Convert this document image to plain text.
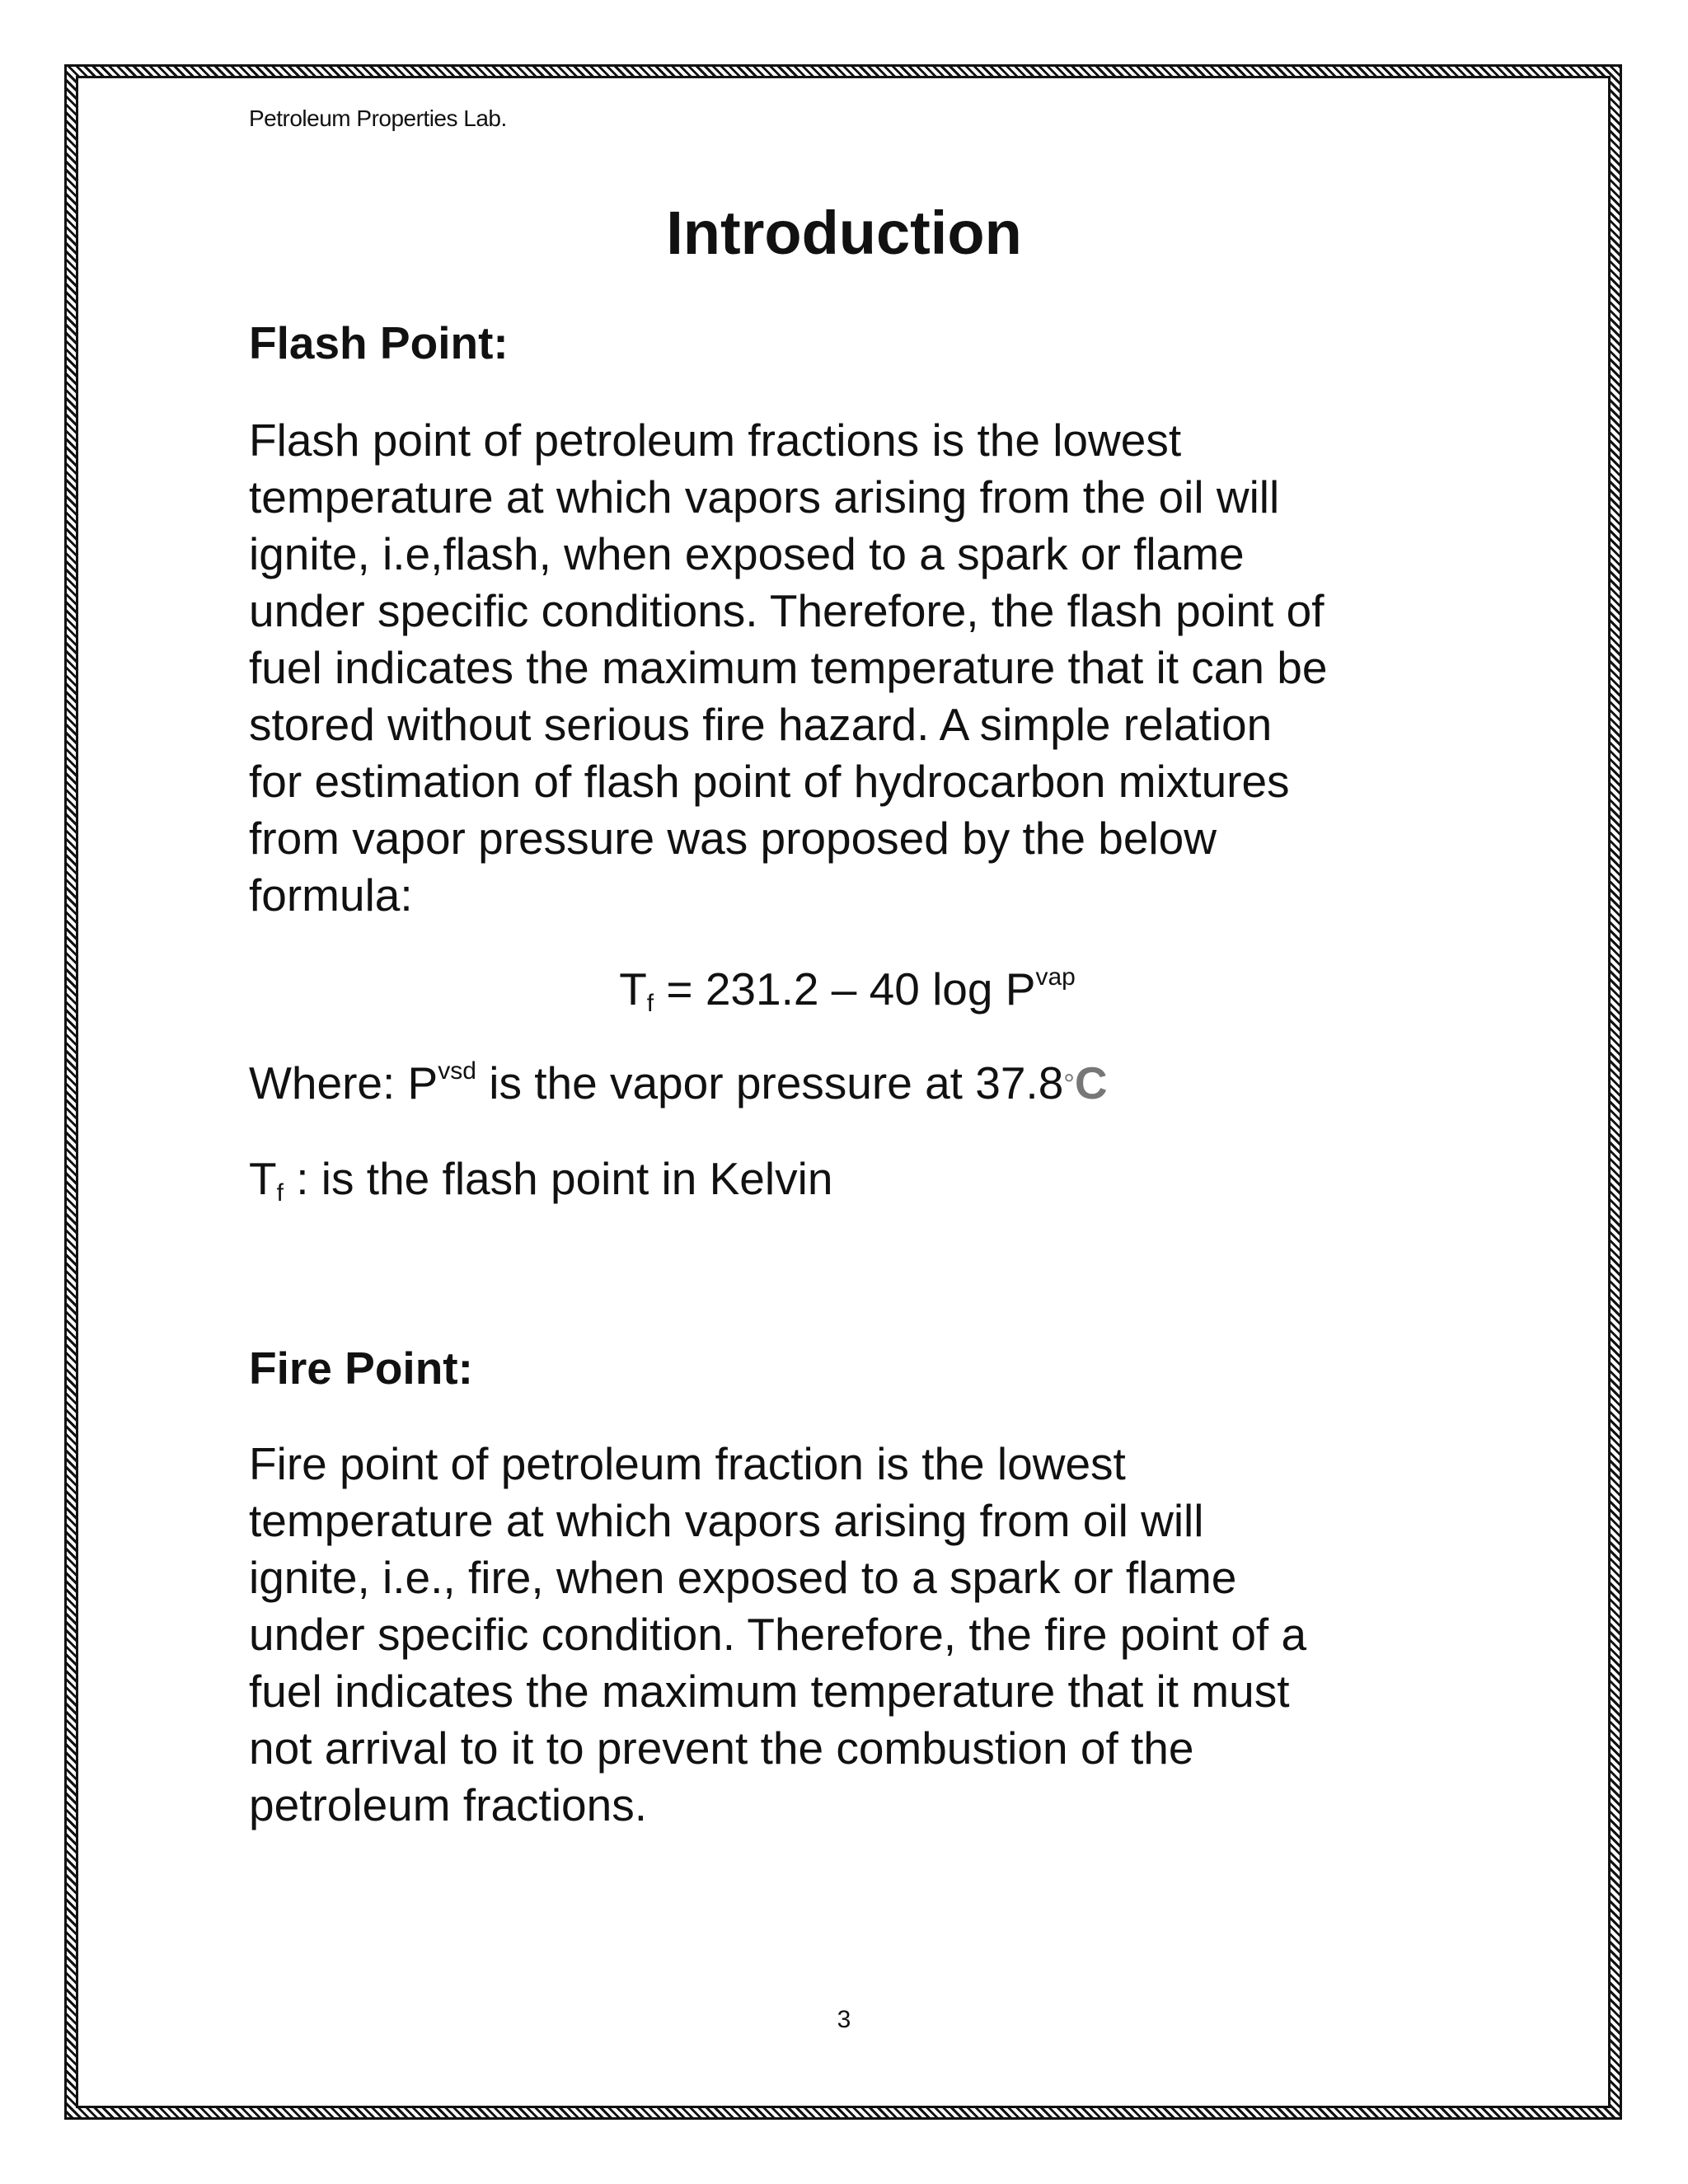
Petroleum Properties Lab.
Introduction
Flash Point:
Flash point of petroleum fractions is the lowest
temperature at which vapors arising from the oil will
ignite, i.e,flash, when exposed to a spark or flame
under specific conditions. Therefore, the flash point of
fuel indicates the maximum temperature that it can be
stored without serious fire hazard. A simple relation
for estimation of flash point of hydrocarbon mixtures
from vapor pressure was proposed by the below
formula:
$T_f = 231.2 - 40$ $\log P^{vap}$
Where: $P^{vsd}$ is the vapor pressure at 37.8°C
$T_f$ : is the flash point in Kelvin
Fire Point:
Fire point of petroleum fraction is the lowest
temperature at which vapors arising from oil will
ignite, i.e., fire, when exposed to a spark or flame
under specific condition. Therefore, the fire point of a
fuel indicates the maximum temperature that it must
not arrival to it to prevent the combustion of the
petroleum fractions.
3
